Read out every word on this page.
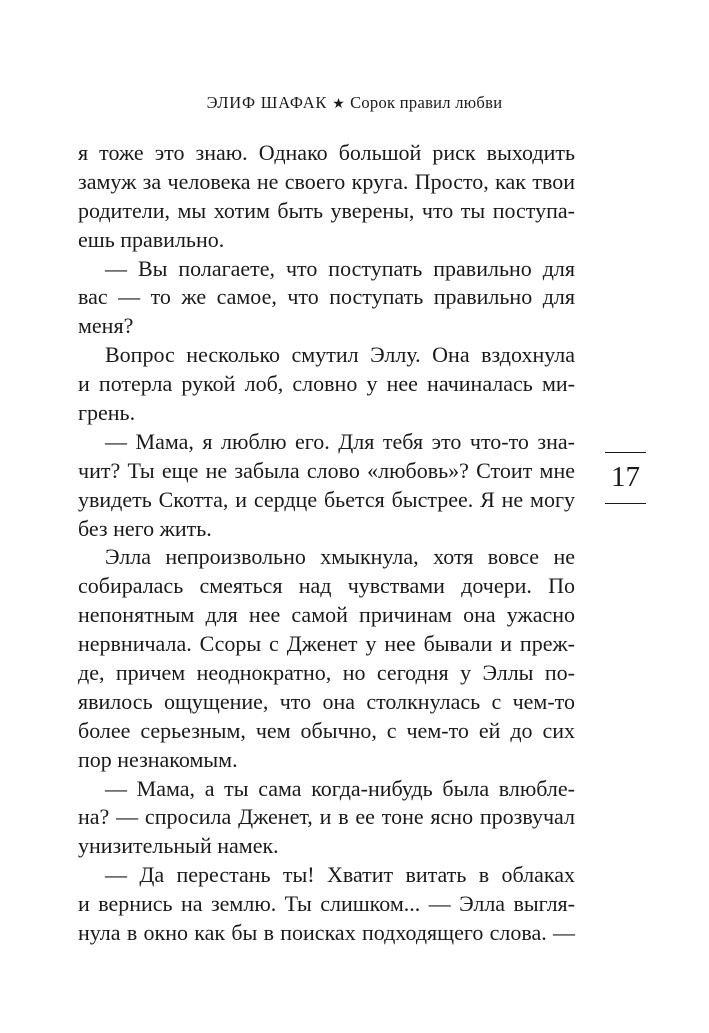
ЭЛИФ ШАФАК ★ Сорок правил любви
я тоже это знаю. Однако большой риск выходить
замуж за человека не своего круга. Просто, как твои
родители, мы хотим быть уверены, что ты поступа-
ешь правильно.
— Вы полагаете, что поступать правильно для
вас — то же самое, что поступать правильно для
меня?
Вопрос несколько смутил Эллу. Она вздохнула
и потерла рукой лоб, словно у нее начиналась ми-
грень.
— Мама, я люблю его. Для тебя это что-то зна-
чит? Ты еще не забыла слово «любовь»? Стоит мне
увидеть Скотта, и сердце бьется быстрее. Я не могу
без него жить.
Элла непроизвольно хмыкнула, хотя вовсе не
собиралась смеяться над чувствами дочери. По
непонятным для нее самой причинам она ужасно
нервничала. Ссоры с Дженет у нее бывали и преж-
де, причем неоднократно, но сегодня у Эллы по-
явилось ощущение, что она столкнулась с чем-то
более серьезным, чем обычно, с чем-то ей до сих
пор незнакомым.
— Мама, а ты сама когда-нибудь была влюбле-
на? — спросила Дженет, и в ее тоне ясно прозвучал
унизительный намек.
— Да перестань ты! Хватит витать в облаках
и вернись на землю. Ты слишком... — Элла выгля-
нула в окно как бы в поисках подходящего слова. —
17
